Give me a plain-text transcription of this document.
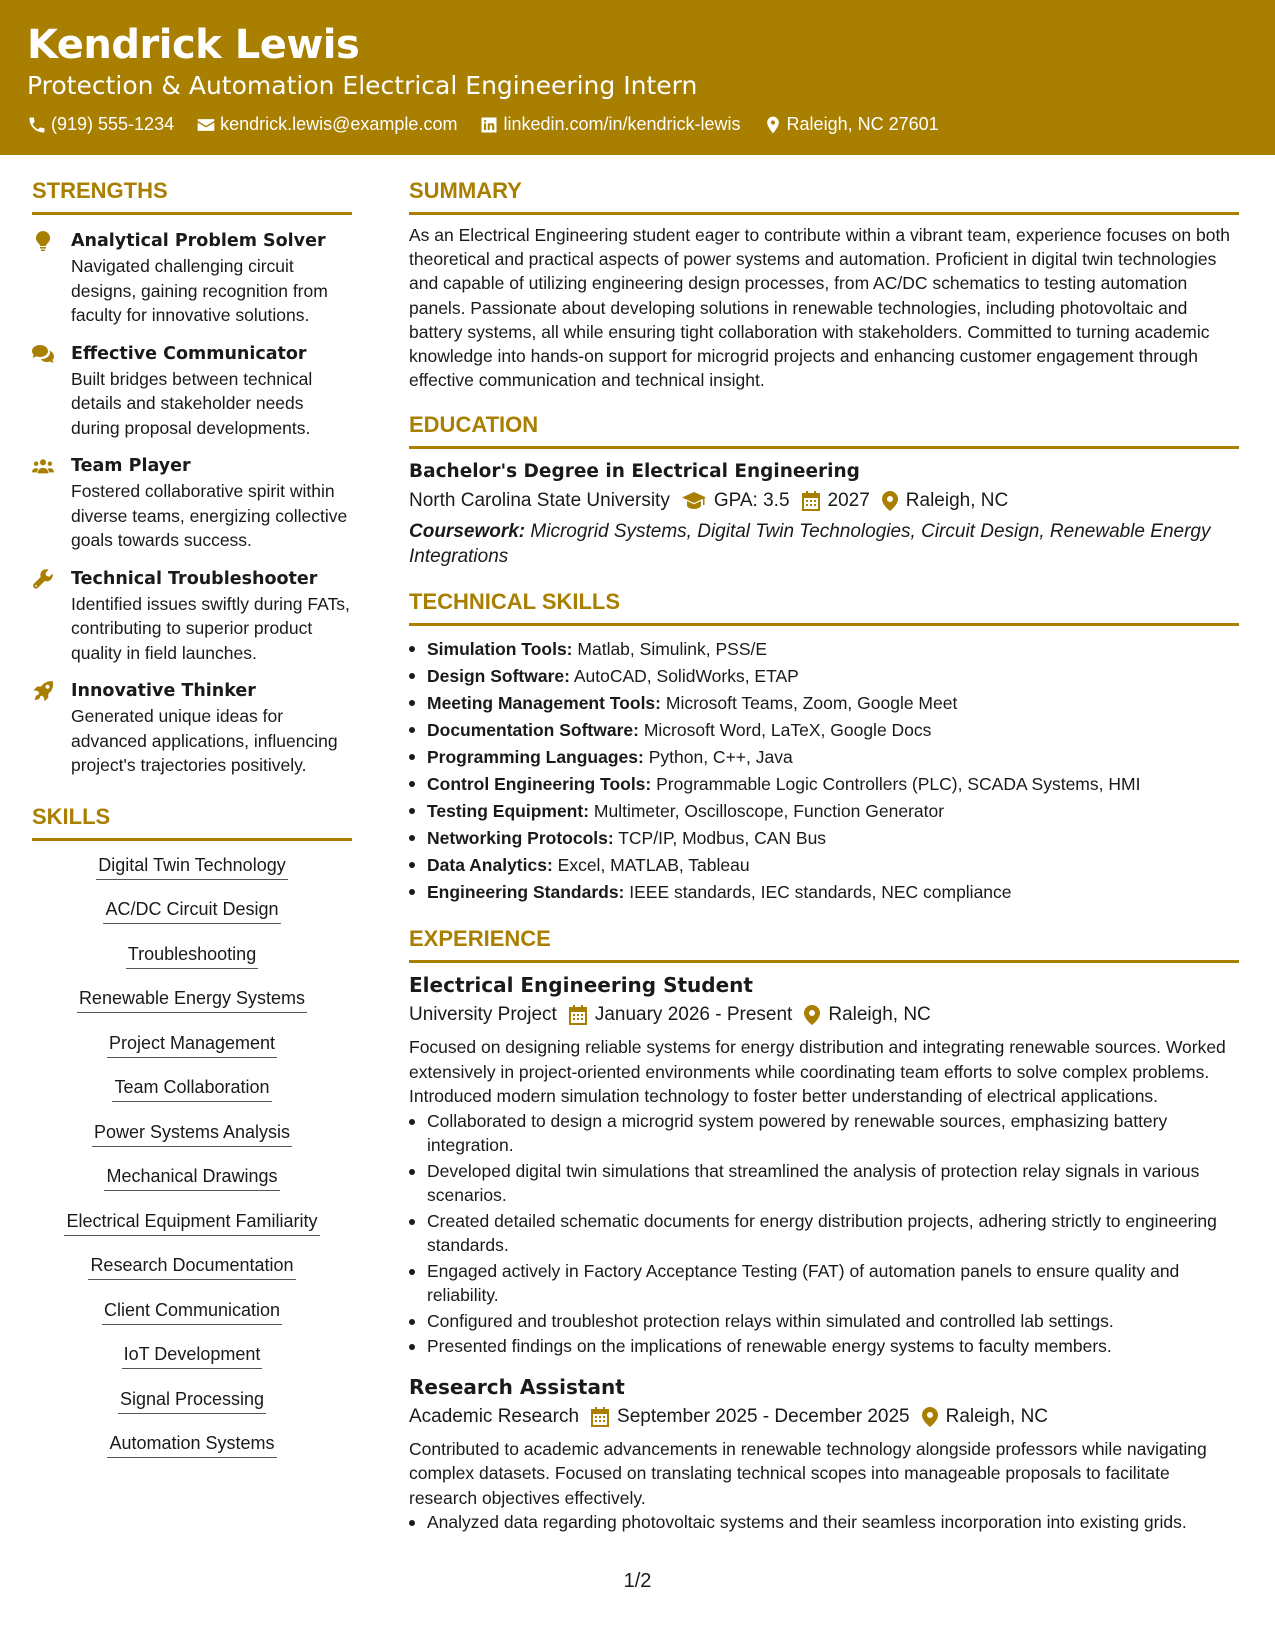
Kendrick Lewis
Protection & Automation Electrical Engineering Intern
(919) 555-1234	kendrick.lewis@example.com	linkedin.com/in/kendrick-lewis	Raleigh, NC 27601
STRENGTHS
Analytical Problem Solver
Navigated challenging circuit designs, gaining recognition from faculty for innovative solutions.
Effective Communicator
Built bridges between technical details and stakeholder needs during proposal developments.
Team Player
Fostered collaborative spirit within diverse teams, energizing collective goals towards success.
Technical Troubleshooter
Identified issues swiftly during FATs, contributing to superior product quality in field launches.
Innovative Thinker
Generated unique ideas for advanced applications, influencing project's trajectories positively.
SKILLS
Digital Twin Technology
AC/DC Circuit Design
Troubleshooting
Renewable Energy Systems
Project Management
Team Collaboration
Power Systems Analysis
Mechanical Drawings
Electrical Equipment Familiarity
Research Documentation
Client Communication
IoT Development
Signal Processing
Automation Systems
SUMMARY
As an Electrical Engineering student eager to contribute within a vibrant team, experience focuses on both theoretical and practical aspects of power systems and automation. Proficient in digital twin technologies and capable of utilizing engineering design processes, from AC/DC schematics to testing automation panels. Passionate about developing solutions in renewable technologies, including photovoltaic and battery systems, all while ensuring tight collaboration with stakeholders. Committed to turning academic knowledge into hands-on support for microgrid projects and enhancing customer engagement through effective communication and technical insight.
EDUCATION
Bachelor's Degree in Electrical Engineering
North Carolina State University GPA: 3.5 2027 Raleigh, NC
Coursework: Microgrid Systems, Digital Twin Technologies, Circuit Design, Renewable Energy Integrations
TECHNICAL SKILLS
Simulation Tools: Matlab, Simulink, PSS/E
Design Software: AutoCAD, SolidWorks, ETAP
Meeting Management Tools: Microsoft Teams, Zoom, Google Meet
Documentation Software: Microsoft Word, LaTeX, Google Docs
Programming Languages: Python, C++, Java
Control Engineering Tools: Programmable Logic Controllers (PLC), SCADA Systems, HMI
Testing Equipment: Multimeter, Oscilloscope, Function Generator
Networking Protocols: TCP/IP, Modbus, CAN Bus
Data Analytics: Excel, MATLAB, Tableau
Engineering Standards: IEEE standards, IEC standards, NEC compliance
EXPERIENCE
Electrical Engineering Student
University Project January 2026 - Present Raleigh, NC
Focused on designing reliable systems for energy distribution and integrating renewable sources. Worked extensively in project-oriented environments while coordinating team efforts to solve complex problems. Introduced modern simulation technology to foster better understanding of electrical applications.
Collaborated to design a microgrid system powered by renewable sources, emphasizing battery integration.
Developed digital twin simulations that streamlined the analysis of protection relay signals in various scenarios.
Created detailed schematic documents for energy distribution projects, adhering strictly to engineering standards.
Engaged actively in Factory Acceptance Testing (FAT) of automation panels to ensure quality and reliability.
Configured and troubleshot protection relays within simulated and controlled lab settings.
Presented findings on the implications of renewable energy systems to faculty members.
Research Assistant
Academic Research September 2025 - December 2025 Raleigh, NC
Contributed to academic advancements in renewable technology alongside professors while navigating complex datasets. Focused on translating technical scopes into manageable proposals to facilitate research objectives effectively.
Analyzed data regarding photovoltaic systems and their seamless incorporation into existing grids.
1/2
